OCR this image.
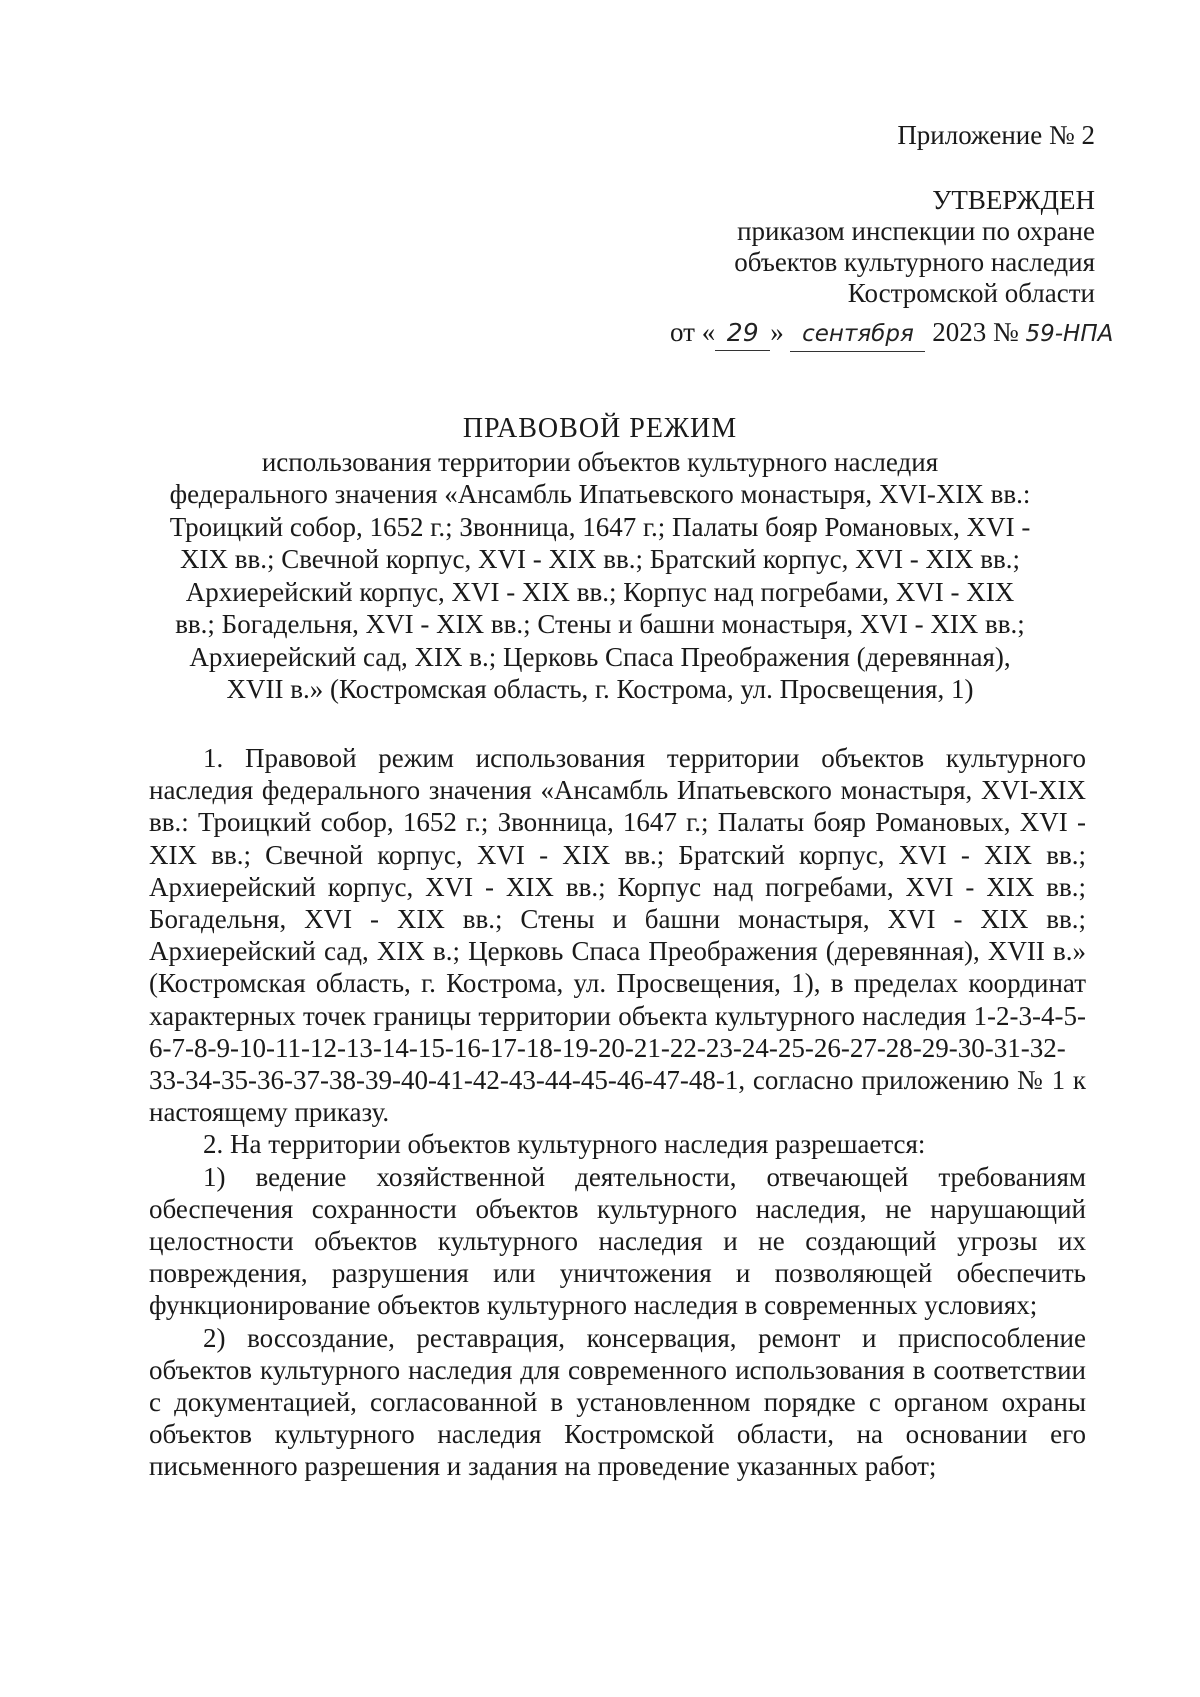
Приложение № 2
УТВЕРЖДЕН
приказом инспекции по охране
объектов культурного наследия
Костромской области
от « 29 » сентября 2023 № 59-НПА
ПРАВОВОЙ РЕЖИМ
использования территории объектов культурного наследия
федерального значения «Ансамбль Ипатьевского монастыря, XVI-XIX вв.:
Троицкий собор, 1652 г.; Звонница, 1647 г.; Палаты бояр Романовых, XVI -
XIX вв.; Свечной корпус, XVI - XIX вв.; Братский корпус, XVI - XIX вв.;
Архиерейский корпус, XVI - XIX вв.; Корпус над погребами, XVI - XIX
вв.; Богадельня, XVI - XIX вв.; Стены и башни монастыря, XVI - XIX вв.;
Архиерейский сад, XIX в.; Церковь Спаса Преображения (деревянная),
XVII в.» (Костромская область, г. Кострома, ул. Просвещения, 1)

1. Правовой режим использования территории объектов культурного наследия федерального значения «Ансамбль Ипатьевского монастыря, XVI-XIX вв.: Троицкий собор, 1652 г.; Звонница, 1647 г.; Палаты бояр Романовых, XVI - XIX вв.; Свечной корпус, XVI - XIX вв.; Братский корпус, XVI - XIX вв.; Архиерейский корпус, XVI - XIX вв.; Корпус над погребами, XVI - XIX вв.; Богадельня, XVI - XIX вв.; Стены и башни монастыря, XVI - XIX вв.; Архиерейский сад, XIX в.; Церковь Спаса Преображения (деревянная), XVII в.» (Костромская область, г. Кострома, ул. Просвещения, 1), в пределах координат характерных точек границы территории объекта культурного наследия 1-2-3-4-5-6-7-8-9-10-11-12-13-14-15-16-17-18-19-20-21-22-23-24-25-26-27-28-29-30-31-32-33-34-35-36-37-38-39-40-41-42-43-44-45-46-47-48-1, согласно приложению № 1 к настоящему приказу.

2. На территории объектов культурного наследия разрешается:

1) ведение хозяйственной деятельности, отвечающей требованиям обеспечения сохранности объектов культурного наследия, не нарушающий целостности объектов культурного наследия и не создающий угрозы их повреждения, разрушения или уничтожения и позволяющей обеспечить функционирование объектов культурного наследия в современных условиях;

2) воссоздание, реставрация, консервация, ремонт и приспособление объектов культурного наследия для современного использования в соответствии с документацией, согласованной в установленном порядке с органом охраны объектов культурного наследия Костромской области, на основании его письменного разрешения и задания на проведение указанных работ;
